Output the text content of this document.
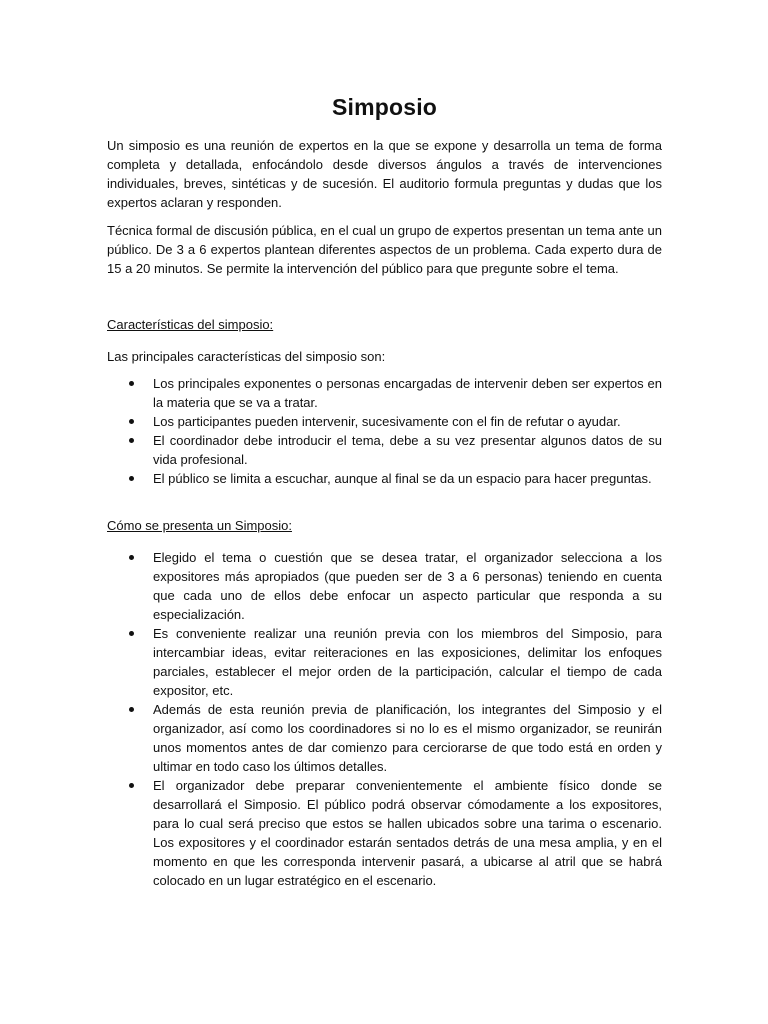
Simposio

Un simposio es una reunión de expertos en la que se expone y desarrolla un tema de forma completa y detallada, enfocándolo desde diversos ángulos a través de intervenciones individuales, breves, sintéticas y de sucesión. El auditorio formula preguntas y dudas que los expertos aclaran y responden.

Técnica formal de discusión pública, en el cual un grupo de expertos presentan un tema ante un público. De 3 a 6 expertos plantean diferentes aspectos de un problema. Cada experto dura de 15 a 20 minutos. Se permite la intervención del público para que pregunte sobre el tema.

Características del simposio:

Las principales características del simposio son:

Los principales exponentes o personas encargadas de intervenir deben ser expertos en la materia que se va a tratar.
Los participantes pueden intervenir, sucesivamente con el fin de refutar o ayudar.
El coordinador debe introducir el tema, debe a su vez presentar algunos datos de su vida profesional.
El público se limita a escuchar, aunque al final se da un espacio para hacer preguntas.

Cómo se presenta un Simposio:

Elegido el tema o cuestión que se desea tratar, el organizador selecciona a los expositores más apropiados (que pueden ser de 3 a 6 personas) teniendo en cuenta que cada uno de ellos debe enfocar un aspecto particular que responda a su especialización.
Es conveniente realizar una reunión previa con los miembros del Simposio, para intercambiar ideas, evitar reiteraciones en las exposiciones, delimitar los enfoques parciales, establecer el mejor orden de la participación, calcular el tiempo de cada expositor, etc.
Además de esta reunión previa de planificación, los integrantes del Simposio y el organizador, así como los coordinadores si no lo es el mismo organizador, se reunirán unos momentos antes de dar comienzo para cerciorarse de que todo está en orden y ultimar en todo caso los últimos detalles.
El organizador debe preparar convenientemente el ambiente físico donde se desarrollará el Simposio. El público podrá observar cómodamente a los expositores, para lo cual será preciso que estos se hallen ubicados sobre una tarima o escenario. Los expositores y el coordinador estarán sentados detrás de una mesa amplia, y en el momento en que les corresponda intervenir pasará, a ubicarse al atril que se habrá colocado en un lugar estratégico en el escenario.
